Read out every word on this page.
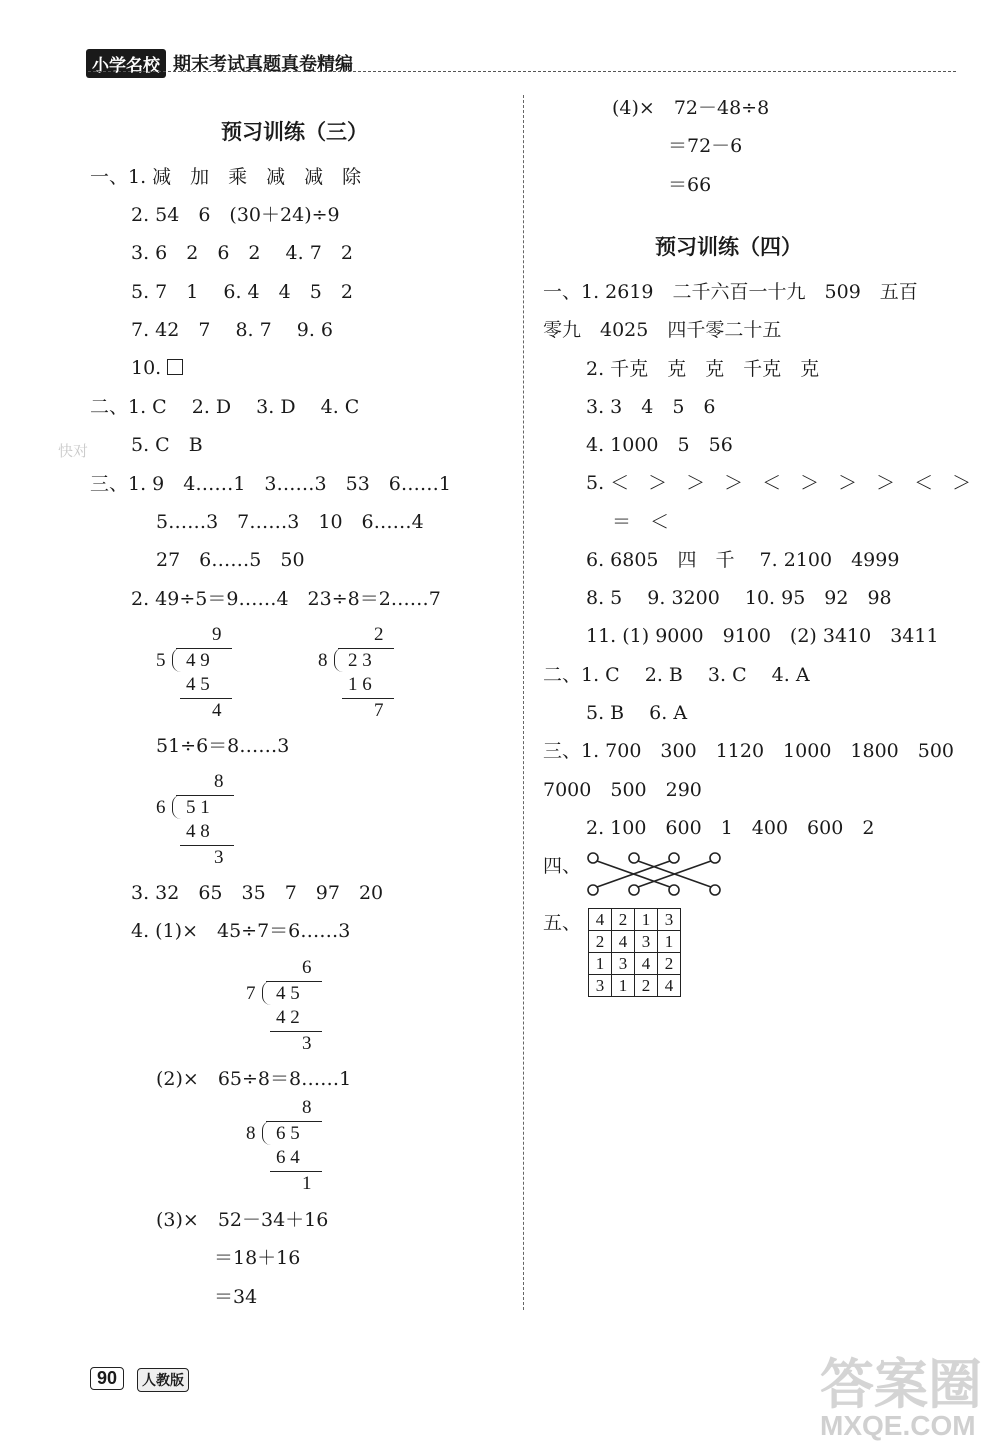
小学名校 期末考试真题真卷精编
预习训练（三）
一、1. 减　加　乘　减　减　除
2. 54　6　(30＋24)÷9
3. 6　2　6　2　 4. 7　2
5. 7　1　 6. 4　4　5　2
7. 42　7　 8. 7　 9. 6
10.
二、1. C　 2. D　 3. D　 4. C
5. C　B
三、1. 9　4……1　3……3　53　6……1
5……3　7……3　10　6……4
27　6……5　50
2. 49÷5＝9……4　23÷8＝2……7
9
5 4 9
4 5
4
2
8 2 3
1 6
7
51÷6＝8……3
8
6 5 1
4 8
3
3. 32　65　35　7　97　20
4. (1)×　45÷7＝6……3
6
7 4 5
4 2
3
(2)×　65÷8＝8……1
8
8 6 5
6 4
1
(3)×　52－34＋16
＝18＋16
＝34
(4)×　72－48÷8
＝72－6
＝66
预习训练（四）
一、1. 2619　二千六百一十九　509　五百
零九　4025　四千零二十五
2. 千克　克　克　千克　克
3. 3　4　5　6
4. 1000　5　56
5. ＜　＞　＞　＞　＜　＞　＞　＞　＜　＞
＝　＜
6. 6805　四　千　 7. 2100　4999
8. 5　 9. 3200　 10. 95　92　98
11. (1) 9000　9100　(2) 3410　3411
二、1. C　 2. B　 3. C　 4. A
5. B　 6. A
三、1. 700　300　1120　1000　1800　500
7000　500　290
2. 100　600　1　400　600　2
四、
五、 4	2	1	3
2	4	3	1
1	3	4	2
3	1	2	4
90	人教版
快对
答案圈
MXQE.COM
